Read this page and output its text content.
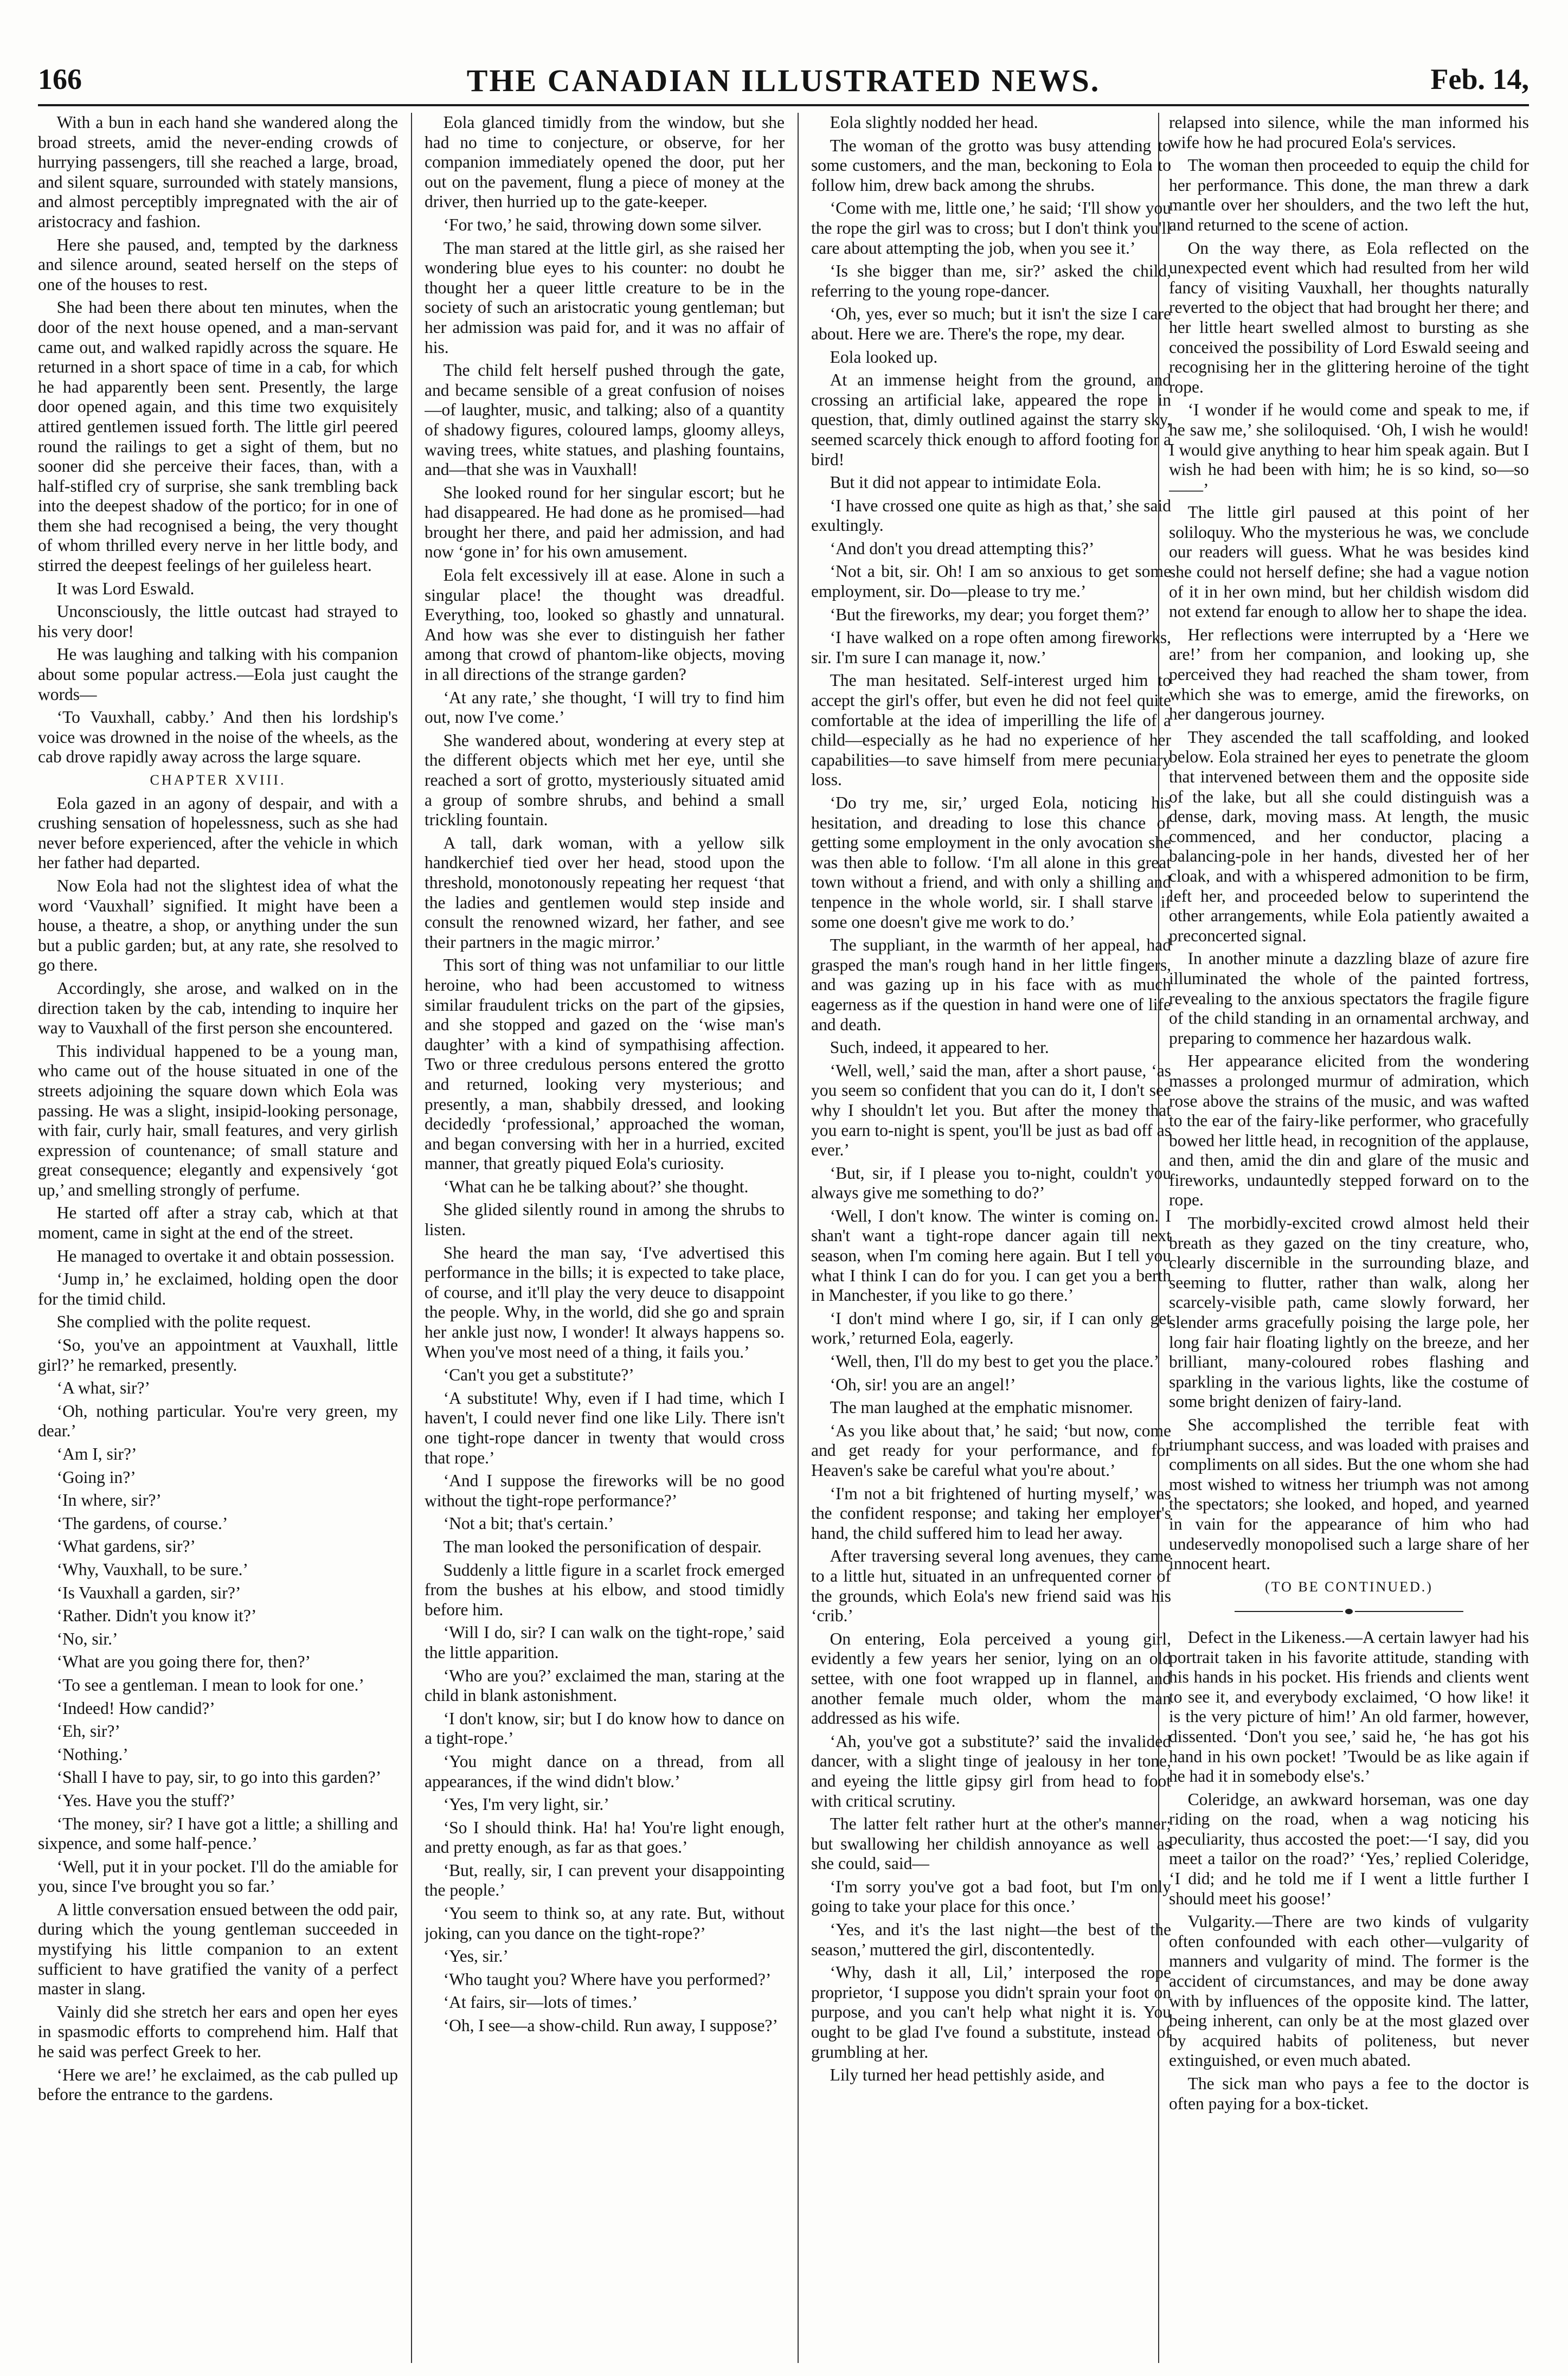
166	THE CANADIAN ILLUSTRATED NEWS.	Feb. 14,

With a bun in each hand she wandered along the broad streets, amid the never-ending crowds of hurrying passengers, till she reached a large, broad, and silent square, surrounded with stately mansions, and almost perceptibly impregnated with the air of aristocracy and fashion.

Here she paused, and, tempted by the darkness and silence around, seated herself on the steps of one of the houses to rest.

She had been there about ten minutes, when the door of the next house opened, and a man-servant came out, and walked rapidly across the square. He returned in a short space of time in a cab, for which he had apparently been sent. Presently, the large door opened again, and this time two exquisitely attired gentlemen issued forth. The little girl peered round the railings to get a sight of them, but no sooner did she perceive their faces, than, with a half-stifled cry of surprise, she sank trembling back into the deepest shadow of the portico; for in one of them she had recognised a being, the very thought of whom thrilled every nerve in her little body, and stirred the deepest feelings of her guileless heart.

It was Lord Eswald.

Unconsciously, the little outcast had strayed to his very door!

He was laughing and talking with his companion about some popular actress.—Eola just caught the words—

‘To Vauxhall, cabby.’ And then his lordship's voice was drowned in the noise of the wheels, as the cab drove rapidly away across the large square.

CHAPTER XVIII.

Eola gazed in an agony of despair, and with a crushing sensation of hopelessness, such as she had never before experienced, after the vehicle in which her father had departed.

Now Eola had not the slightest idea of what the word ‘Vauxhall’ signified. It might have been a house, a theatre, a shop, or anything under the sun but a public garden; but, at any rate, she resolved to go there.

Accordingly, she arose, and walked on in the direction taken by the cab, intending to inquire her way to Vauxhall of the first person she encountered.

This individual happened to be a young man, who came out of the house situated in one of the streets adjoining the square down which Eola was passing. He was a slight, insipid-looking personage, with fair, curly hair, small features, and very girlish expression of countenance; of small stature and great consequence; elegantly and expensively ‘got up,’ and smelling strongly of perfume.

He started off after a stray cab, which at that moment, came in sight at the end of the street.

He managed to overtake it and obtain possession.

‘Jump in,’ he exclaimed, holding open the door for the timid child.

She complied with the polite request.

‘So, you've an appointment at Vauxhall, little girl?’ he remarked, presently.

‘A what, sir?’

‘Oh, nothing particular. You're very green, my dear.’

‘Am I, sir?’

‘Going in?’

‘In where, sir?’

‘The gardens, of course.’

‘What gardens, sir?’

‘Why, Vauxhall, to be sure.’

‘Is Vauxhall a garden, sir?’

‘Rather. Didn't you know it?’

‘No, sir.’

‘What are you going there for, then?’

‘To see a gentleman. I mean to look for one.’

‘Indeed! How candid?’

‘Eh, sir?’

‘Nothing.’

‘Shall I have to pay, sir, to go into this garden?’

‘Yes. Have you the stuff?’

‘The money, sir? I have got a little; a shilling and sixpence, and some half-pence.’

‘Well, put it in your pocket. I'll do the amiable for you, since I've brought you so far.’

A little conversation ensued between the odd pair, during which the young gentleman succeeded in mystifying his little companion to an extent sufficient to have gratified the vanity of a perfect master in slang.

Vainly did she stretch her ears and open her eyes in spasmodic efforts to comprehend him. Half that he said was perfect Greek to her.

‘Here we are!’ he exclaimed, as the cab pulled up before the entrance to the gardens.

Eola glanced timidly from the window, but she had no time to conjecture, or observe, for her companion immediately opened the door, put her out on the pavement, flung a piece of money at the driver, then hurried up to the gate-keeper.

‘For two,’ he said, throwing down some silver.

The man stared at the little girl, as she raised her wondering blue eyes to his counter: no doubt he thought her a queer little creature to be in the society of such an aristocratic young gentleman; but her admission was paid for, and it was no affair of his.

The child felt herself pushed through the gate, and became sensible of a great confusion of noises—of laughter, music, and talking; also of a quantity of shadowy figures, coloured lamps, gloomy alleys, waving trees, white statues, and plashing fountains, and—that she was in Vauxhall!

She looked round for her singular escort; but he had disappeared. He had done as he promised—had brought her there, and paid her admission, and had now ‘gone in’ for his own amusement.

Eola felt excessively ill at ease. Alone in such a singular place! the thought was dreadful. Everything, too, looked so ghastly and unnatural. And how was she ever to distinguish her father among that crowd of phantom-like objects, moving in all directions of the strange garden?

‘At any rate,’ she thought, ‘I will try to find him out, now I've come.’

She wandered about, wondering at every step at the different objects which met her eye, until she reached a sort of grotto, mysteriously situated amid a group of sombre shrubs, and behind a small trickling fountain.

A tall, dark woman, with a yellow silk handkerchief tied over her head, stood upon the threshold, monotonously repeating her request ‘that the ladies and gentlemen would step inside and consult the renowned wizard, her father, and see their partners in the magic mirror.’

This sort of thing was not unfamiliar to our little heroine, who had been accustomed to witness similar fraudulent tricks on the part of the gipsies, and she stopped and gazed on the ‘wise man's daughter’ with a kind of sympathising affection. Two or three credulous persons entered the grotto and returned, looking very mysterious; and presently, a man, shabbily dressed, and looking decidedly ‘professional,’ approached the woman, and began conversing with her in a hurried, excited manner, that greatly piqued Eola's curiosity.

‘What can he be talking about?’ she thought.

She glided silently round in among the shrubs to listen.

She heard the man say, ‘I've advertised this performance in the bills; it is expected to take place, of course, and it'll play the very deuce to disappoint the people. Why, in the world, did she go and sprain her ankle just now, I wonder! It always happens so. When you've most need of a thing, it fails you.’

‘Can't you get a substitute?’

‘A substitute! Why, even if I had time, which I haven't, I could never find one like Lily. There isn't one tight-rope dancer in twenty that would cross that rope.’

‘And I suppose the fireworks will be no good without the tight-rope performance?’

‘Not a bit; that's certain.’

The man looked the personification of despair.

Suddenly a little figure in a scarlet frock emerged from the bushes at his elbow, and stood timidly before him.

‘Will I do, sir? I can walk on the tight-rope,’ said the little apparition.

‘Who are you?’ exclaimed the man, staring at the child in blank astonishment.

‘I don't know, sir; but I do know how to dance on a tight-rope.’

‘You might dance on a thread, from all appearances, if the wind didn't blow.’

‘Yes, I'm very light, sir.’

‘So I should think. Ha! ha! You're light enough, and pretty enough, as far as that goes.’

‘But, really, sir, I can prevent your disappointing the people.’

‘You seem to think so, at any rate. But, without joking, can you dance on the tight-rope?’

‘Yes, sir.’

‘Who taught you? Where have you performed?’

‘At fairs, sir—lots of times.’

‘Oh, I see—a show-child. Run away, I suppose?’

Eola slightly nodded her head.

The woman of the grotto was busy attending to some customers, and the man, beckoning to Eola to follow him, drew back among the shrubs.

‘Come with me, little one,’ he said; ‘I'll show you the rope the girl was to cross; but I don't think you'll care about attempting the job, when you see it.’

‘Is she bigger than me, sir?’ asked the child, referring to the young rope-dancer.

‘Oh, yes, ever so much; but it isn't the size I care about. Here we are. There's the rope, my dear.

Eola looked up.

At an immense height from the ground, and crossing an artificial lake, appeared the rope in question, that, dimly outlined against the starry sky, seemed scarcely thick enough to afford footing for a bird!

But it did not appear to intimidate Eola.

‘I have crossed one quite as high as that,’ she said exultingly.

‘And don't you dread attempting this?’

‘Not a bit, sir. Oh! I am so anxious to get some employment, sir. Do—please to try me.’

‘But the fireworks, my dear; you forget them?’

‘I have walked on a rope often among fireworks, sir. I'm sure I can manage it, now.’

The man hesitated. Self-interest urged him to accept the girl's offer, but even he did not feel quite comfortable at the idea of imperilling the life of a child—especially as he had no experience of her capabilities—to save himself from mere pecuniary loss.

‘Do try me, sir,’ urged Eola, noticing his hesitation, and dreading to lose this chance of getting some employment in the only avocation she was then able to follow. ‘I'm all alone in this great town without a friend, and with only a shilling and tenpence in the whole world, sir. I shall starve if some one doesn't give me work to do.’

The suppliant, in the warmth of her appeal, had grasped the man's rough hand in her little fingers, and was gazing up in his face with as much eagerness as if the question in hand were one of life and death.

Such, indeed, it appeared to her.

‘Well, well,’ said the man, after a short pause, ‘as you seem so confident that you can do it, I don't see why I shouldn't let you. But after the money that you earn to-night is spent, you'll be just as bad off as ever.’

‘But, sir, if I please you to-night, couldn't you always give me something to do?’

‘Well, I don't know. The winter is coming on. I shan't want a tight-rope dancer again till next season, when I'm coming here again. But I tell you what I think I can do for you. I can get you a berth in Manchester, if you like to go there.’

‘I don't mind where I go, sir, if I can only get work,’ returned Eola, eagerly.

‘Well, then, I'll do my best to get you the place.’

‘Oh, sir! you are an angel!’

The man laughed at the emphatic misnomer.

‘As you like about that,’ he said; ‘but now, come and get ready for your performance, and for Heaven's sake be careful what you're about.’

‘I'm not a bit frightened of hurting myself,’ was the confident response; and taking her employer's hand, the child suffered him to lead her away.

After traversing several long avenues, they came to a little hut, situated in an unfrequented corner of the grounds, which Eola's new friend said was his ‘crib.’

On entering, Eola perceived a young girl, evidently a few years her senior, lying on an old settee, with one foot wrapped up in flannel, and another female much older, whom the man addressed as his wife.

‘Ah, you've got a substitute?’ said the invalided dancer, with a slight tinge of jealousy in her tone, and eyeing the little gipsy girl from head to foot with critical scrutiny.

The latter felt rather hurt at the other's manner; but swallowing her childish annoyance as well as she could, said—

‘I'm sorry you've got a bad foot, but I'm only going to take your place for this once.’

‘Yes, and it's the last night—the best of the season,’ muttered the girl, discontentedly.

‘Why, dash it all, Lil,’ interposed the rope proprietor, ‘I suppose you didn't sprain your foot on purpose, and you can't help what night it is. You ought to be glad I've found a substitute, instead of grumbling at her.

Lily turned her head pettishly aside, and

relapsed into silence, while the man informed his wife how he had procured Eola's services.

The woman then proceeded to equip the child for her performance. This done, the man threw a dark mantle over her shoulders, and the two left the hut, and returned to the scene of action.

On the way there, as Eola reflected on the unexpected event which had resulted from her wild fancy of visiting Vauxhall, her thoughts naturally reverted to the object that had brought her there; and her little heart swelled almost to bursting as she conceived the possibility of Lord Eswald seeing and recognising her in the glittering heroine of the tight rope.

‘I wonder if he would come and speak to me, if he saw me,’ she soliloquised. ‘Oh, I wish he would! I would give anything to hear him speak again. But I wish he had been with him; he is so kind, so—so——’

The little girl paused at this point of her soliloquy. Who the mysterious he was, we conclude our readers will guess. What he was besides kind she could not herself define; she had a vague notion of it in her own mind, but her childish wisdom did not extend far enough to allow her to shape the idea.

Her reflections were interrupted by a ‘Here we are!’ from her companion, and looking up, she perceived they had reached the sham tower, from which she was to emerge, amid the fireworks, on her dangerous journey.

They ascended the tall scaffolding, and looked below. Eola strained her eyes to penetrate the gloom that intervened between them and the opposite side of the lake, but all she could distinguish was a dense, dark, moving mass. At length, the music commenced, and her conductor, placing a balancing-pole in her hands, divested her of her cloak, and with a whispered admonition to be firm, left her, and proceeded below to superintend the other arrangements, while Eola patiently awaited a preconcerted signal.

In another minute a dazzling blaze of azure fire illuminated the whole of the painted fortress, revealing to the anxious spectators the fragile figure of the child standing in an ornamental archway, and preparing to commence her hazardous walk.

Her appearance elicited from the wondering masses a prolonged murmur of admiration, which rose above the strains of the music, and was wafted to the ear of the fairy-like performer, who gracefully bowed her little head, in recognition of the applause, and then, amid the din and glare of the music and fireworks, undauntedly stepped forward on to the rope.

The morbidly-excited crowd almost held their breath as they gazed on the tiny creature, who, clearly discernible in the surrounding blaze, and seeming to flutter, rather than walk, along her scarcely-visible path, came slowly forward, her slender arms gracefully poising the large pole, her long fair hair floating lightly on the breeze, and her brilliant, many-coloured robes flashing and sparkling in the various lights, like the costume of some bright denizen of fairy-land.

She accomplished the terrible feat with triumphant success, and was loaded with praises and compliments on all sides. But the one whom she had most wished to witness her triumph was not among the spectators; she looked, and hoped, and yearned in vain for the appearance of him who had undeservedly monopolised such a large share of her innocent heart.

(TO BE CONTINUED.)

Defect in the Likeness.—A certain lawyer had his portrait taken in his favorite attitude, standing with his hands in his pocket. His friends and clients went to see it, and everybody exclaimed, ‘O how like! it is the very picture of him!’ An old farmer, however, dissented. ‘Don't you see,’ said he, ‘he has got his hand in his own pocket! ’Twould be as like again if he had it in somebody else's.’

Coleridge, an awkward horseman, was one day riding on the road, when a wag noticing his peculiarity, thus accosted the poet:—‘I say, did you meet a tailor on the road?’ ‘Yes,’ replied Coleridge, ‘I did; and he told me if I went a little further I should meet his goose!’

Vulgarity.—There are two kinds of vulgarity often confounded with each other—vulgarity of manners and vulgarity of mind. The former is the accident of circumstances, and may be done away with by influences of the opposite kind. The latter, being inherent, can only be at the most glazed over by acquired habits of politeness, but never extinguished, or even much abated.

The sick man who pays a fee to the doctor is often paying for a box-ticket.
